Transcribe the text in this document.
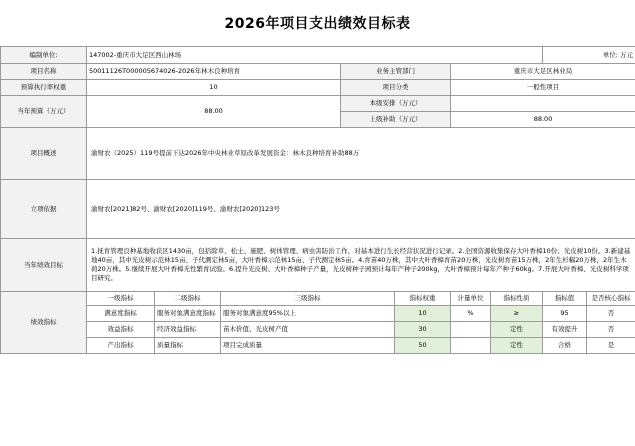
2026年项目支出绩效目标表
编制单位:	147002-重庆市大足区西山林场							单位: 万元	
项目名称	50011126T000005674026-2026年林木良种培育			业务主管部门		重庆市大足区林业局			
预算执行率权重	10			项目分类		一般性项目			
当年预算（万元）	88.00			本级安排（万元）					
				上级补助（万元）		88.00			
项目概述	渝财农（2025）119号提前下达2026年中央林业草原改革发展资金：林木良种培育补助88万								
立项依据	渝财农[2021]82号、渝财农[2020]119号、渝财农[2020]123号								
当年绩效目标	1.抚育管理良种基地收获区1430亩，包括除草、松土、施肥、树体管理、病虫害防治工作，对基本进行生长经营状况进行记录。2.全国资源收集保存大叶香樟10份；光皮树10份。3.新建基地40亩，其中光皮树示范林15亩、子代测定林5亩，大叶香樟示范林15亩、子代测定林5亩。4.育苗40万株，其中大叶香樟育苗20万株，光皮树育苗15万株，2年生杉幅20万株，2年生木荷20万株。5.继续开展大叶香樟无性繁育试验。6.提升光皮树、大叶香樟种子产量，光皮树种子园预计每年产种子200kg，大叶香樟预计每年产种子60kg。7.开展大叶香樟、光皮树科学项目研究。								
绩效指标	一级指标	二级指标	三级指标		指标权重	计量单位	指标性质	指标值	是否核心指标
	满意度指标	服务对象满意度指标	服务对象满意度95%以上		10	%	≥	95	否
	效益指标	经济效益指标	苗木价值、光皮树产值		30		定性	有效提升	否
	产出指标	质量指标	项目完成质量		50		定性	合格	是
